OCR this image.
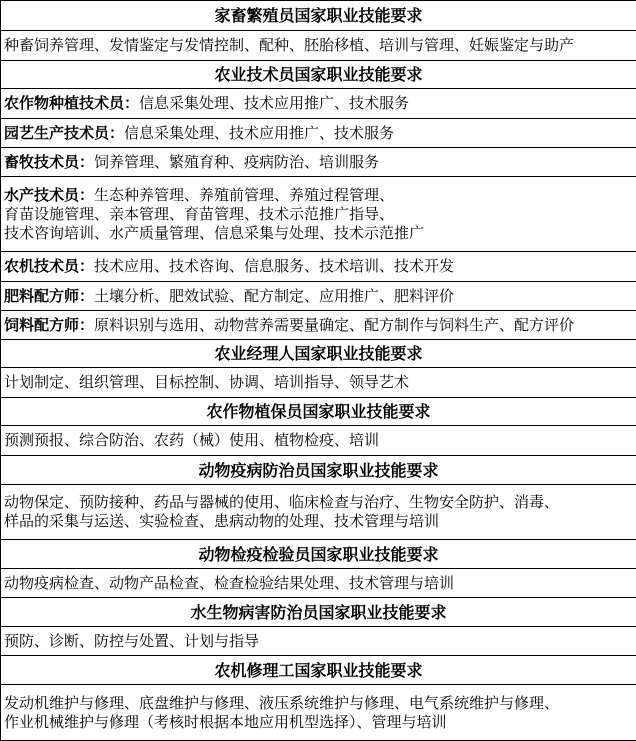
家畜繁殖员国家职业技能要求
种畜饲养管理、发情鉴定与发情控制、配种、胚胎移植、培训与管理、妊娠鉴定与助产
农业技术员国家职业技能要求
农作物种植技术员：信息采集处理、技术应用推广、技术服务
园艺生产技术员：信息采集处理、技术应用推广、技术服务
畜牧技术员：饲养管理、繁殖育种、疫病防治、培训服务
水产技术员：生态种养管理、养殖前管理、养殖过程管理、
育苗设施管理、亲本管理、育苗管理、技术示范推广指导、
技术咨询培训、水产质量管理、信息采集与处理、技术示范推广
农机技术员：技术应用、技术咨询、信息服务、技术培训、技术开发
肥料配方师：土壤分析、肥效试验、配方制定、应用推广、肥料评价
饲料配方师：原料识别与选用、动物营养需要量确定、配方制作与饲料生产、配方评价
农业经理人国家职业技能要求
计划制定、组织管理、目标控制、协调、培训指导、领导艺术
农作物植保员国家职业技能要求
预测预报、综合防治、农药（械）使用、植物检疫、培训
动物疫病防治员国家职业技能要求
动物保定、预防接种、药品与器械的使用、临床检查与治疗、生物安全防护、消毒、
样品的采集与运送、实验检查、患病动物的处理、技术管理与培训
动物检疫检验员国家职业技能要求
动物疫病检查、动物产品检查、检查检验结果处理、技术管理与培训
水生物病害防治员国家职业技能要求
预防、诊断、防控与处置、计划与指导
农机修理工国家职业技能要求
发动机维护与修理、底盘维护与修理、液压系统维护与修理、电气系统维护与修理、
作业机械维护与修理（考核时根据本地应用机型选择）、管理与培训
